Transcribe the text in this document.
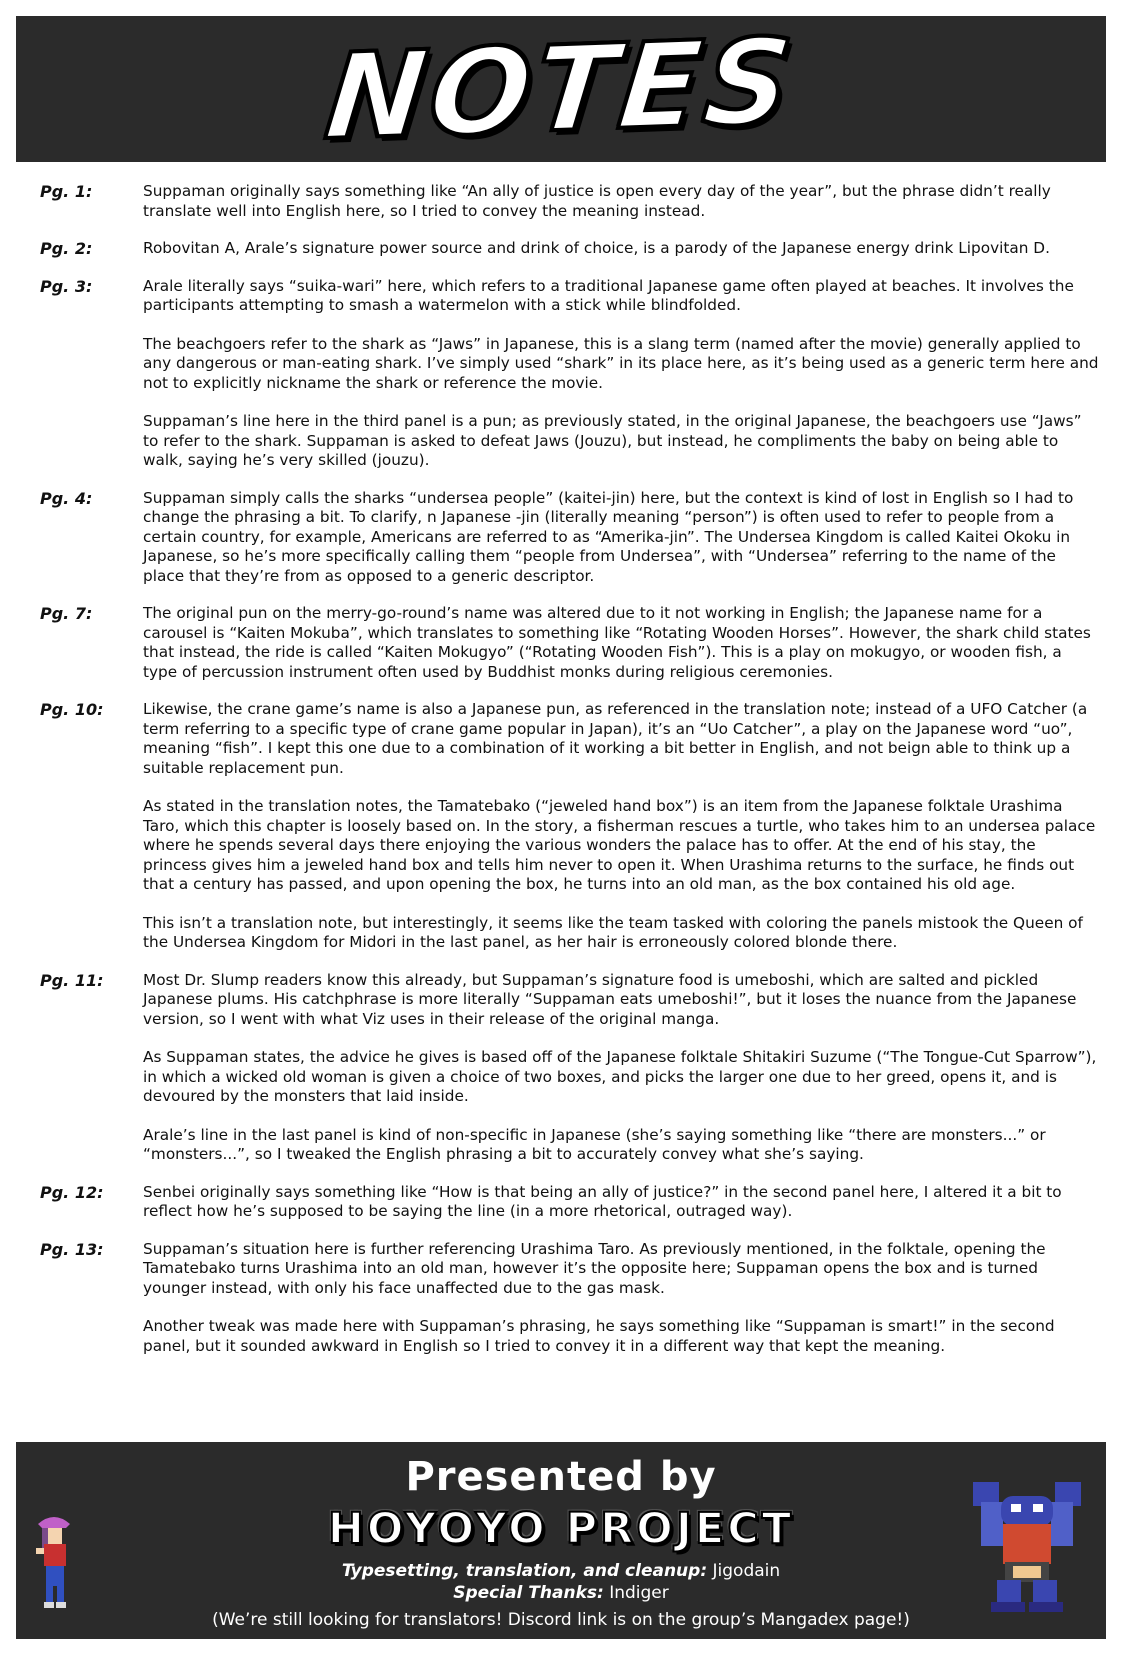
NOTES
Pg. 1:	Suppaman originally says something like “An ally of justice is open every day of the year”, but the phrase didn’t really translate well into English here, so I tried to convey the meaning instead.

Pg. 2:	Robovitan A, Arale’s signature power source and drink of choice, is a parody of the Japanese energy drink Lipovitan D.

Pg. 3:	Arale literally says “suika-wari” here, which refers to a traditional Japanese game often played at beaches. It involves the participants attempting to smash a watermelon with a stick while blindfolded.

The beachgoers refer to the shark as “Jaws” in Japanese, this is a slang term (named after the movie) generally applied to any dangerous or man-eating shark. I’ve simply used “shark” in its place here, as it’s being used as a generic term here and not to explicitly nickname the shark or reference the movie.

Suppaman’s line here in the third panel is a pun; as previously stated, in the original Japanese, the beachgoers use “Jaws” to refer to the shark. Suppaman is asked to defeat Jaws (Jouzu), but instead, he compliments the baby on being able to walk, saying he’s very skilled (jouzu).

Pg. 4:	Suppaman simply calls the sharks “undersea people” (kaitei-jin) here, but the context is kind of lost in English so I had to change the phrasing a bit. To clarify, n Japanese -jin (literally meaning “person”) is often used to refer to people from a certain country, for example, Americans are referred to as “Amerika-jin”. The Undersea Kingdom is called Kaitei Okoku in Japanese, so he’s more specifically calling them “people from Undersea”, with “Undersea” referring to the name of the place that they’re from as opposed to a generic descriptor.

Pg. 7:	The original pun on the merry-go-round’s name was altered due to it not working in English; the Japanese name for a carousel is “Kaiten Mokuba”, which translates to something like “Rotating Wooden Horses”. However, the shark child states that instead, the ride is called “Kaiten Mokugyo” (“Rotating Wooden Fish”). This is a play on mokugyo, or wooden fish, a type of percussion instrument often used by Buddhist monks during religious ceremonies.

Pg. 10:	Likewise, the crane game’s name is also a Japanese pun, as referenced in the translation note; instead of a UFO Catcher (a term referring to a specific type of crane game popular in Japan), it’s an “Uo Catcher”, a play on the Japanese word “uo”, meaning “fish”. I kept this one due to a combination of it working a bit better in English, and not beign able to think up a suitable replacement pun.

As stated in the translation notes, the Tamatebako (“jeweled hand box”) is an item from the Japanese folktale Urashima Taro, which this chapter is loosely based on. In the story, a fisherman rescues a turtle, who takes him to an undersea palace where he spends several days there enjoying the various wonders the palace has to offer. At the end of his stay, the princess gives him a jeweled hand box and tells him never to open it. When Urashima returns to the surface, he finds out that a century has passed, and upon opening the box, he turns into an old man, as the box contained his old age.

This isn’t a translation note, but interestingly, it seems like the team tasked with coloring the panels mistook the Queen of the Undersea Kingdom for Midori in the last panel, as her hair is erroneously colored blonde there.

Pg. 11:	Most Dr. Slump readers know this already, but Suppaman’s signature food is umeboshi, which are salted and pickled Japanese plums. His catchphrase is more literally “Suppaman eats umeboshi!”, but it loses the nuance from the Japanese version, so I went with what Viz uses in their release of the original manga.

As Suppaman states, the advice he gives is based off of the Japanese folktale Shitakiri Suzume (“The Tongue-Cut Sparrow”), in which a wicked old woman is given a choice of two boxes, and picks the larger one due to her greed, opens it, and is devoured by the monsters that laid inside.

Arale’s line in the last panel is kind of non-specific in Japanese (she’s saying something like “there are monsters...” or “monsters...”, so I tweaked the English phrasing a bit to accurately convey what she’s saying.

Pg. 12:	Senbei originally says something like “How is that being an ally of justice?” in the second panel here, I altered it a bit to reflect how he’s supposed to be saying the line (in a more rhetorical, outraged way).

Pg. 13:	Suppaman’s situation here is further referencing Urashima Taro. As previously mentioned, in the folktale, opening the Tamatebako turns Urashima into an old man, however it’s the opposite here; Suppaman opens the box and is turned younger instead, with only his face unaffected due to the gas mask.

Another tweak was made here with Suppaman’s phrasing, he says something like “Suppaman is smart!” in the second panel, but it sounded awkward in English so I tried to convey it in a different way that kept the meaning.

Presented by
HOYOYO PROJECT
Typesetting, translation, and cleanup: Jigodain
Special Thanks: Indiger
(We’re still looking for translators! Discord link is on the group’s Mangadex page!)
